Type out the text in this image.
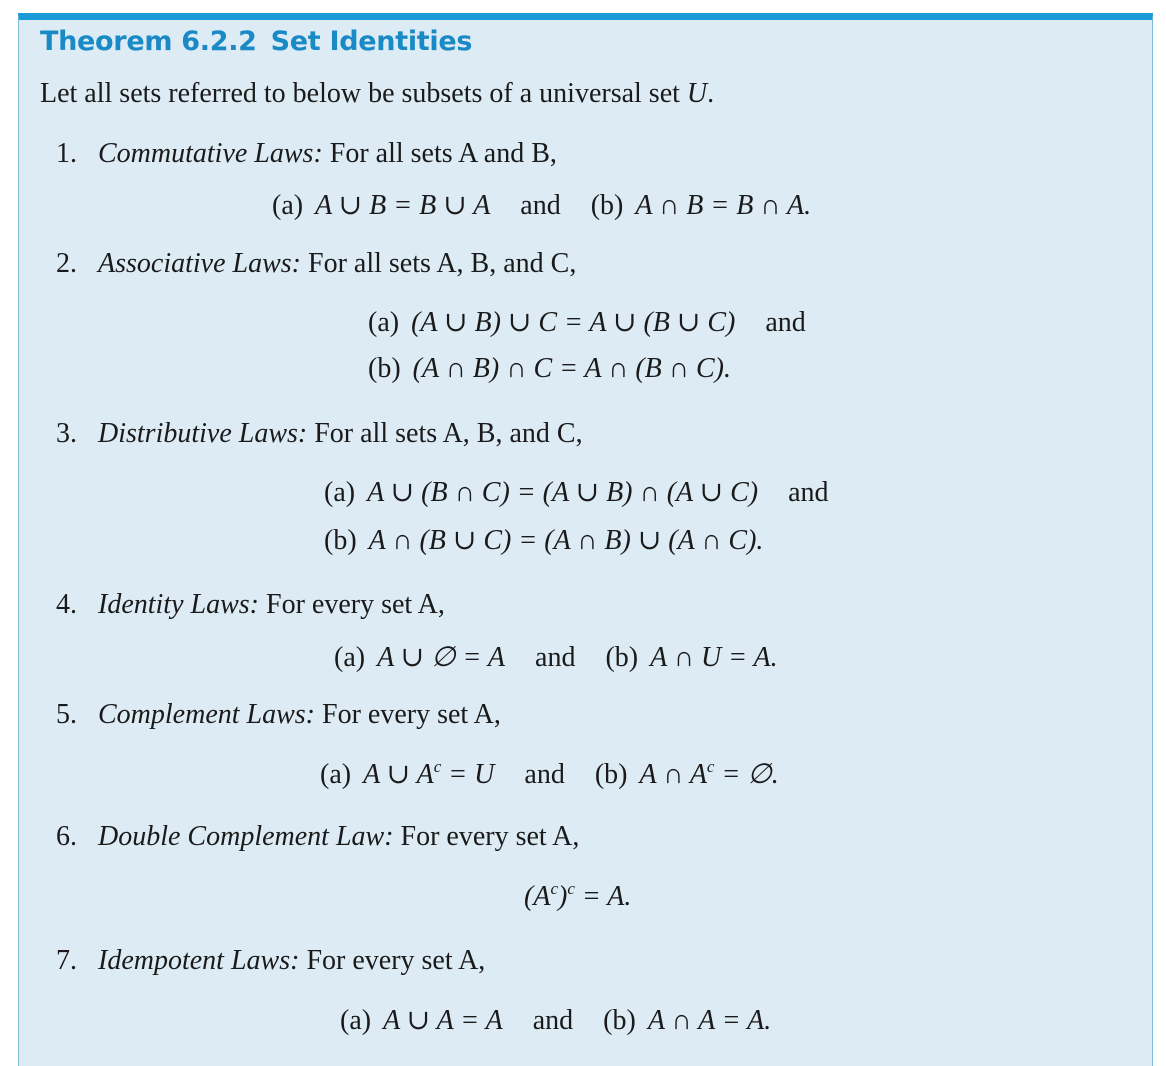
Theorem 6.2.2 Set Identities
Let all sets referred to below be subsets of a universal set U.
1. Commutative Laws: For all sets A and B,
(a) A ∪ B = B ∪ A and (b) A ∩ B = B ∩ A.
2. Associative Laws: For all sets A, B, and C,
(a) (A ∪ B) ∪ C = A ∪ (B ∪ C) and
(b) (A ∩ B) ∩ C = A ∩ (B ∩ C).
3. Distributive Laws: For all sets A, B, and C,
(a) A ∪ (B ∩ C) = (A ∪ B) ∩ (A ∪ C) and
(b) A ∩ (B ∪ C) = (A ∩ B) ∪ (A ∩ C).
4. Identity Laws: For every set A,
(a) A ∪ ∅ = A and (b) A ∩ U = A.
5. Complement Laws: For every set A,
(a) A ∪ $A^c = U$ and (b) A ∩ $A^c$ = ∅.
6. Double Complement Law: For every set A,
$(A^c)^c = A$.
7. Idempotent Laws: For every set A,
(a) A ∪ A = A and (b) A ∩ A = A.
